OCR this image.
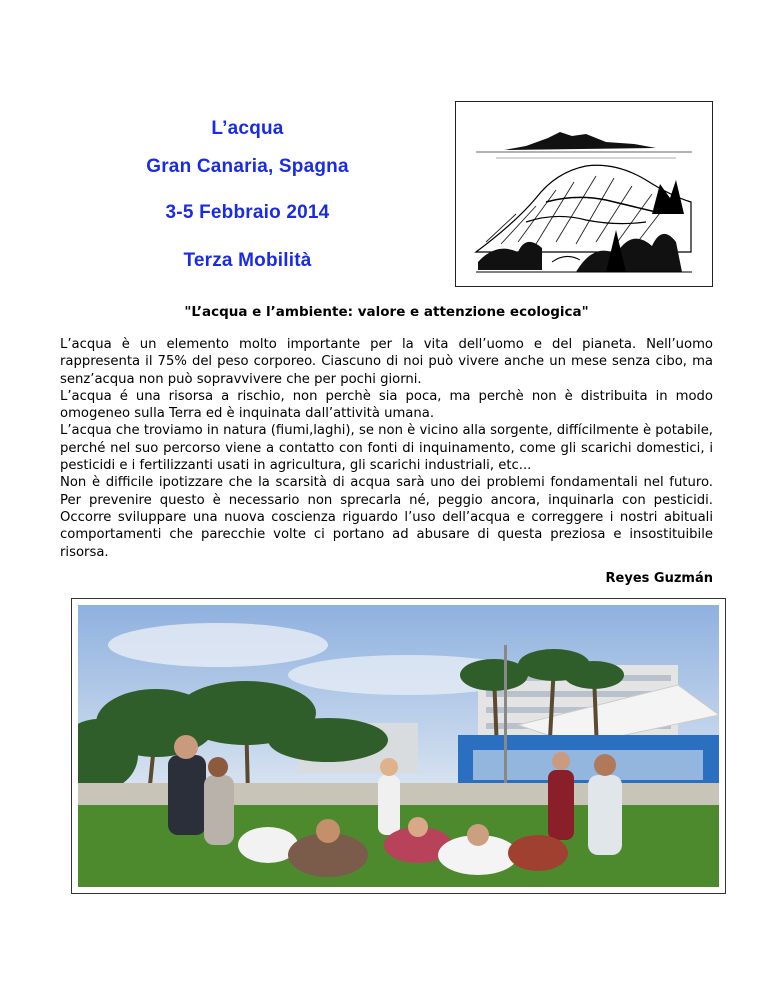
L’acqua
Gran Canaria, Spagna
3-5 Febbraio 2014
Terza Mobilità
"L’acqua e l’ambiente: valore e attenzione ecologica"

L’acqua è un elemento molto importante per la vita dell’uomo e del pianeta. Nell’uomo rappresenta il 75% del peso corporeo. Ciascuno di noi può vivere anche un mese senza cibo, ma senz’acqua non può sopravvivere che per pochi giorni.

L’acqua é una risorsa a rischio, non perchè sia poca, ma perchè non è distribuita in modo omogeneo sulla Terra ed è inquinata dall’attività umana.

L’acqua che troviamo in natura (fiumi,laghi), se non è vicino alla sorgente, diffícilmente è potabile, perché nel suo percorso viene a contatto con fonti di inquinamento, come gli scarichi domestici, i pesticidi e i fertilizzanti usati in agricultura, gli scarichi industriali, etc...

Non è difficile ipotizzare che la scarsità di acqua sarà uno dei problemi fondamentali nel futuro. Per prevenire questo è necessario non sprecarla né, peggio ancora, inquinarla con pesticidi. Occorre sviluppare una nuova coscienza riguardo l’uso dell’acqua e correggere i nostri abituali comportamenti che parecchie volte ci portano ad abusare di questa preziosa e insostituibile risorsa.

Reyes Guzmán
